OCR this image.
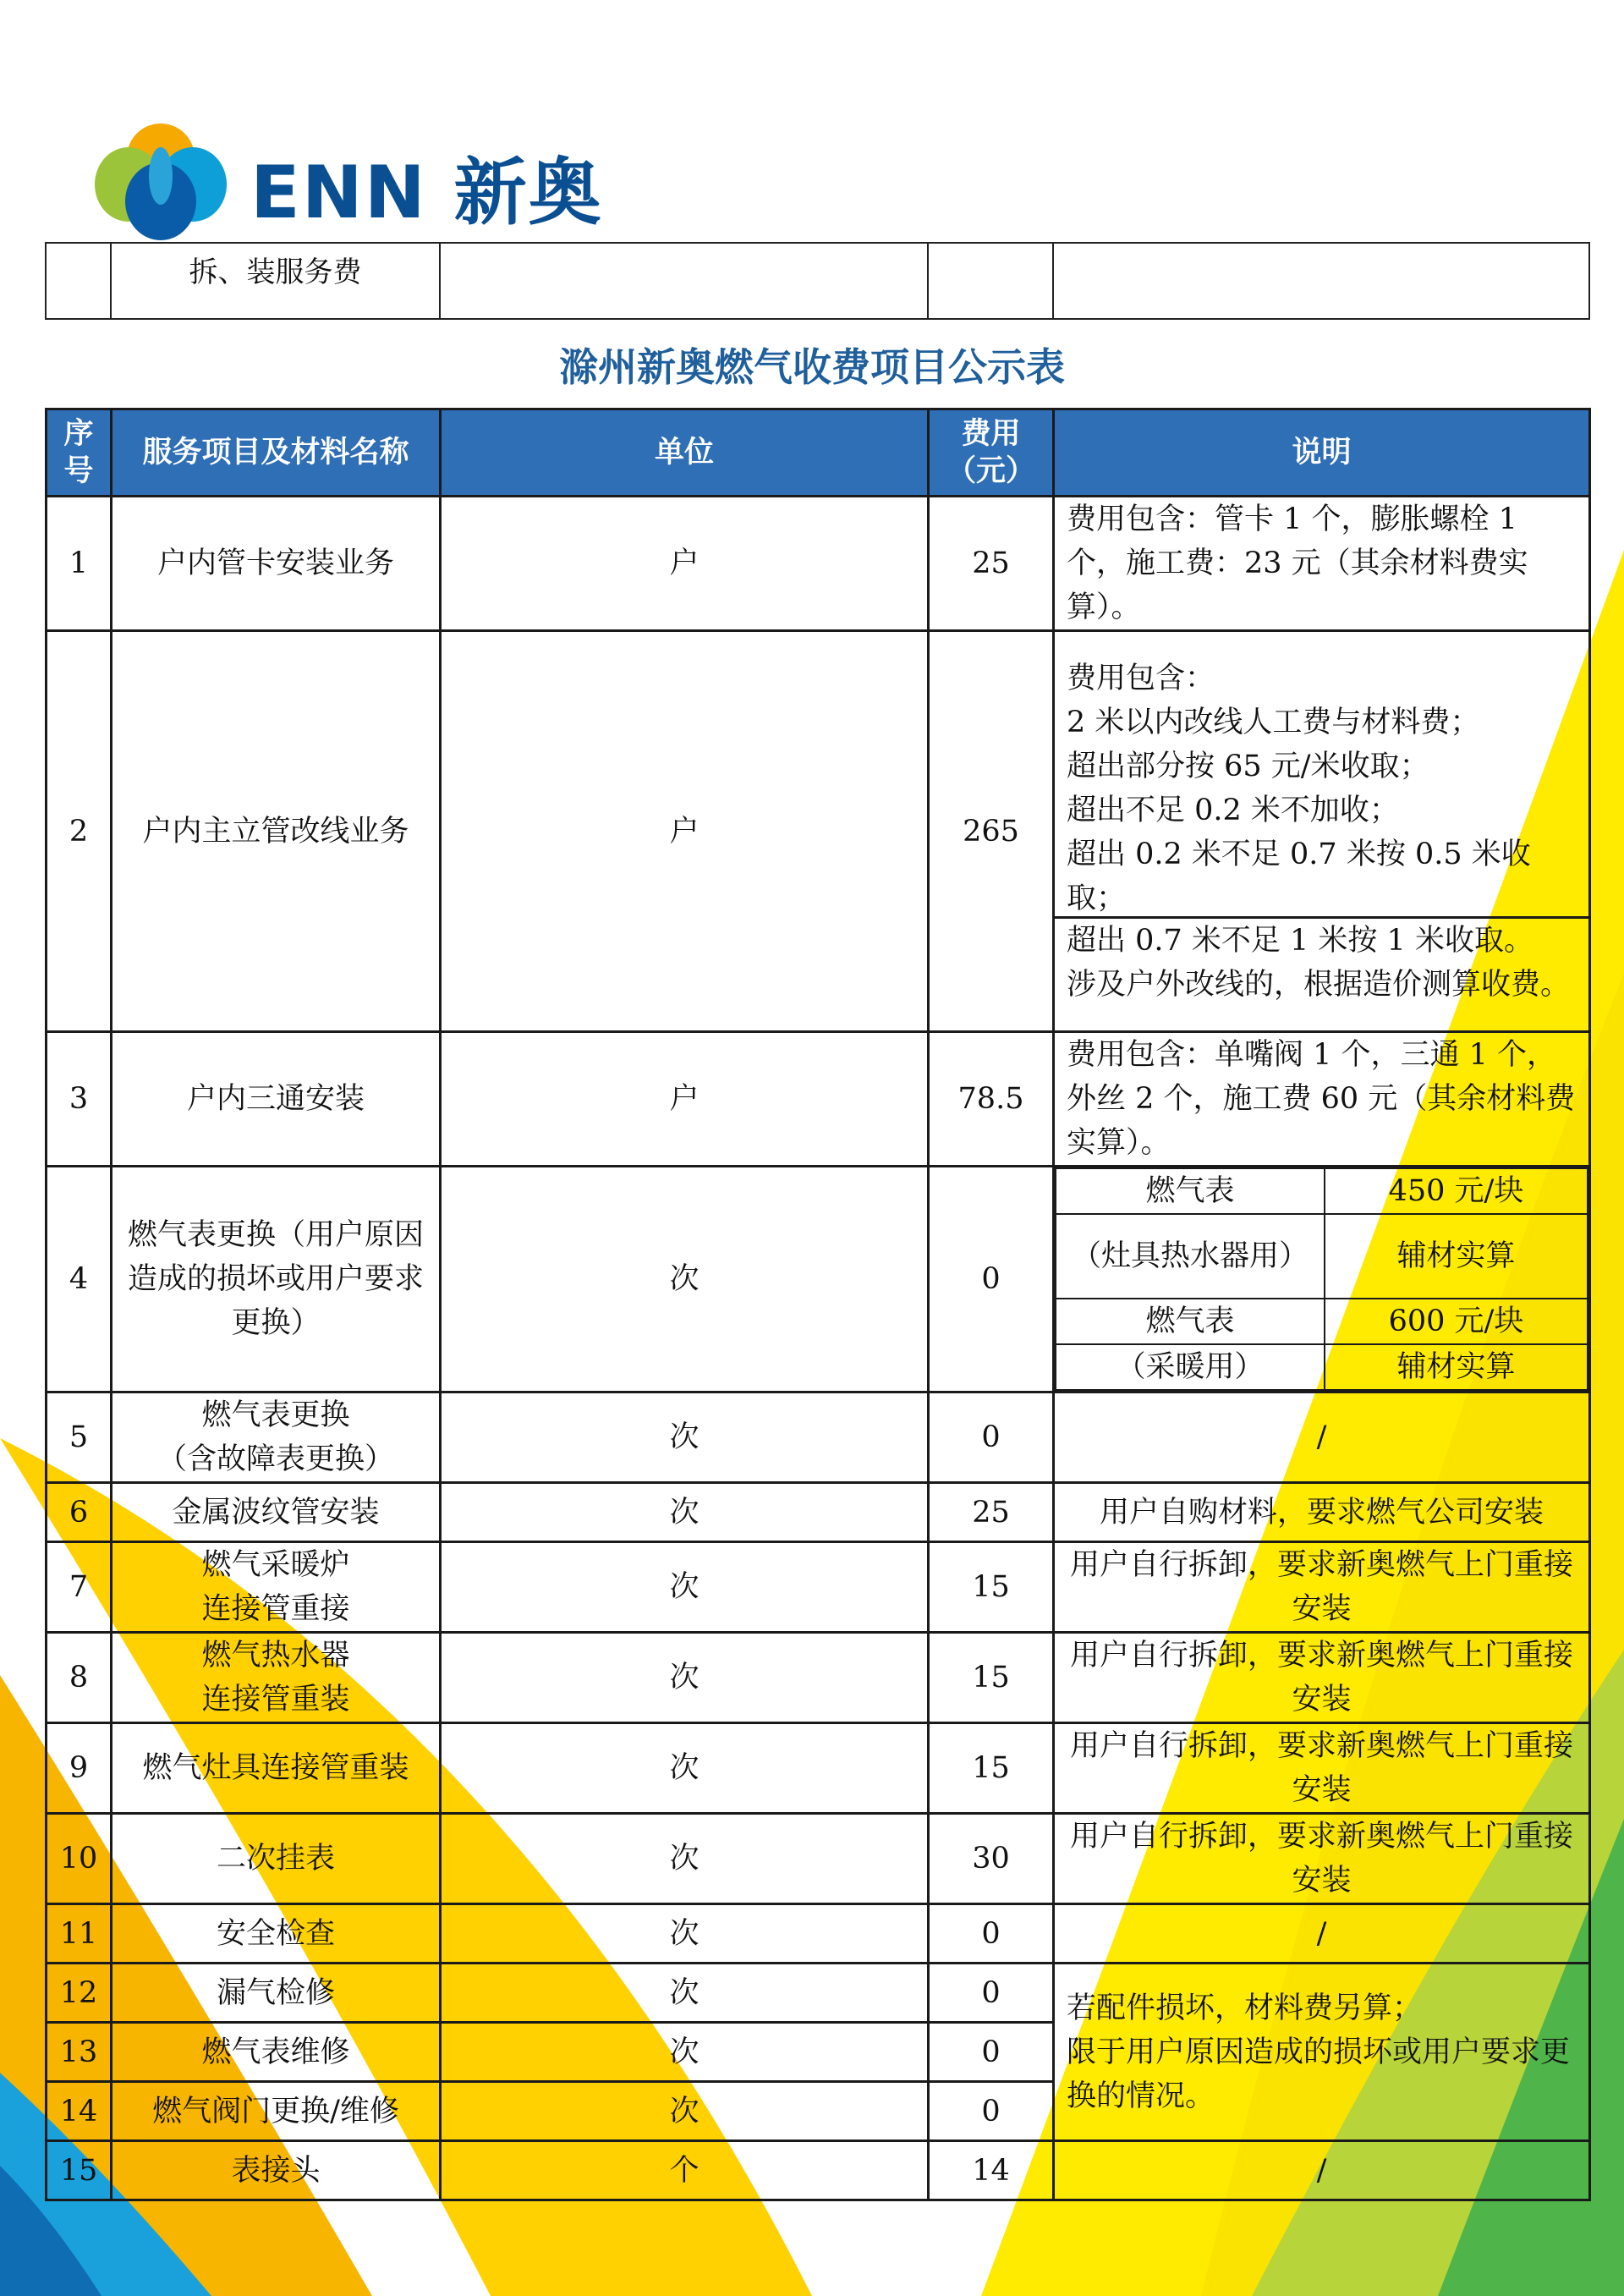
ENN 新奥
	拆、装服务费			
滁州新奥燃气收费项目公示表
序号	服务项目及材料名称	单位	费用（元）	说明
1	户内管卡安装业务	户	25	费用包含：管卡 1 个，膨胀螺栓 1 个，施工费：23 元（其余材料费实算）。
2	户内主立管改线业务	户	265	
费用包含：
2 米以内改线人工费与材料费；
超出部分按 65 元/米收取；
超出不足 0.2 米不加收；
超出 0.2 米不足 0.7 米按 0.5 米收取；
超出 0.7 米不足 1 米按 1 米收取。
涉及户外改线的，根据造价测算收费。

3	户内三通安装	户	78.5	费用包含：单嘴阀 1 个，三通 1 个，外丝 2 个，施工费 60 元（其余材料费实算）。
4	燃气表更换（用户原因造成的损坏或用户要求更换）	次	0	
燃气表	450 元/块
（灶具热水器用）	辅材实算
燃气表	600 元/块
（采暖用）	辅材实算

5	燃气表更换
（含故障表更换）	次	0	/
6	金属波纹管安装	次	25	用户自购材料，要求燃气公司安装
7	燃气采暖炉
连接管重接	次	15	用户自行拆卸，要求新奥燃气上门重接安装
8	燃气热水器
连接管重装	次	15	用户自行拆卸，要求新奥燃气上门重接安装
9	燃气灶具连接管重装	次	15	用户自行拆卸，要求新奥燃气上门重接安装
10	二次挂表	次	30	用户自行拆卸，要求新奥燃气上门重接安装
11	安全检查	次	0	/
12	漏气检修	次	0	若配件损坏，材料费另算；
限于用户原因造成的损坏或用户要求更换的情况。
13	燃气表维修	次	0
14	燃气阀门更换/维修	次	0
15	表接头	个	14	/
